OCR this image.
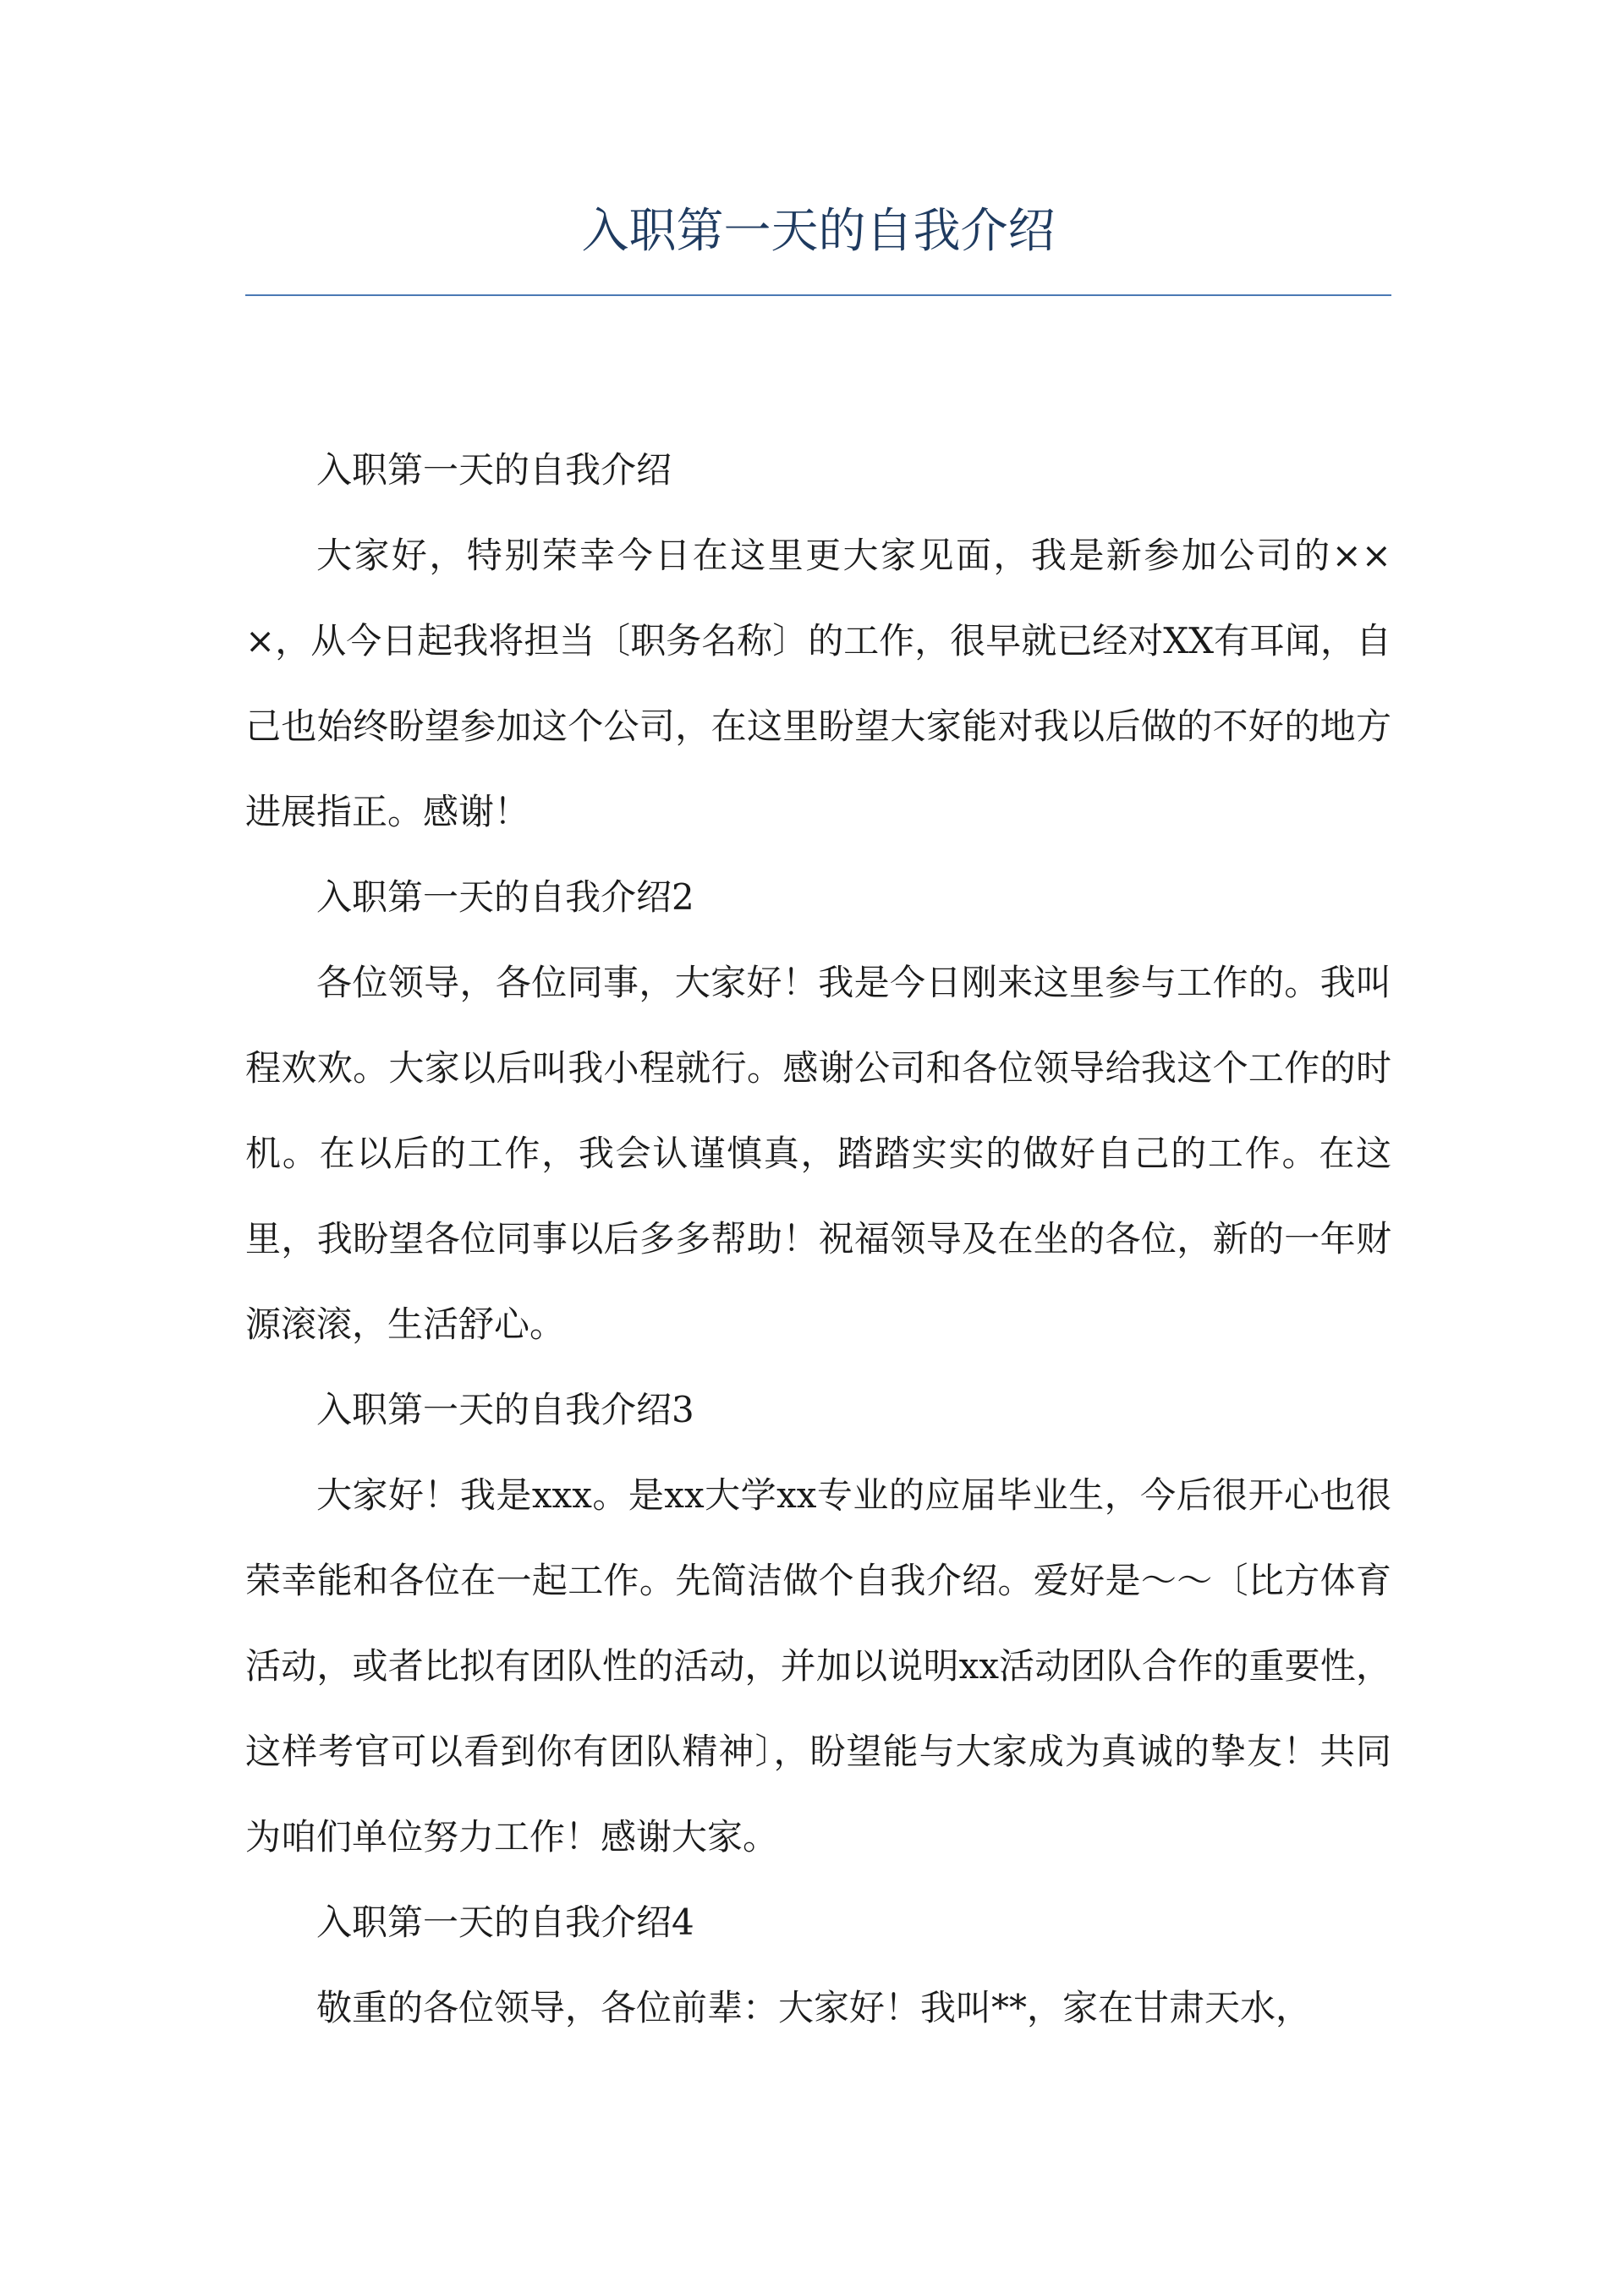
入职第一天的自我介绍

入职第一天的自我介绍

大家好，特别荣幸今日在这里更大家见面，我是新参加公司的×××，从今日起我将担当〔职务名称〕的工作，很早就已经对XX有耳闻，自己也始终盼望参加这个公司，在这里盼望大家能对我以后做的不好的地方进展指正。感谢！

入职第一天的自我介绍2

各位领导，各位同事，大家好！我是今日刚来这里参与工作的。我叫程欢欢。大家以后叫我小程就行。感谢公司和各位领导给我这个工作的时机。在以后的工作，我会认谨慎真，踏踏实实的做好自己的工作。在这里，我盼望各位同事以后多多帮助！祝福领导及在坐的各位，新的一年财源滚滚，生活舒心。

入职第一天的自我介绍3

大家好！我是xxx。是xx大学xx专业的应届毕业生，今后很开心也很荣幸能和各位在一起工作。先简洁做个自我介绍。爱好是～～〔比方体育活动，或者比拟有团队性的活动，并加以说明xx活动团队合作的重要性，这样考官可以看到你有团队精神〕，盼望能与大家成为真诚的挚友！共同为咱们单位努力工作！感谢大家。

入职第一天的自我介绍4

敬重的各位领导，各位前辈：大家好！我叫**，家在甘肃天水，
